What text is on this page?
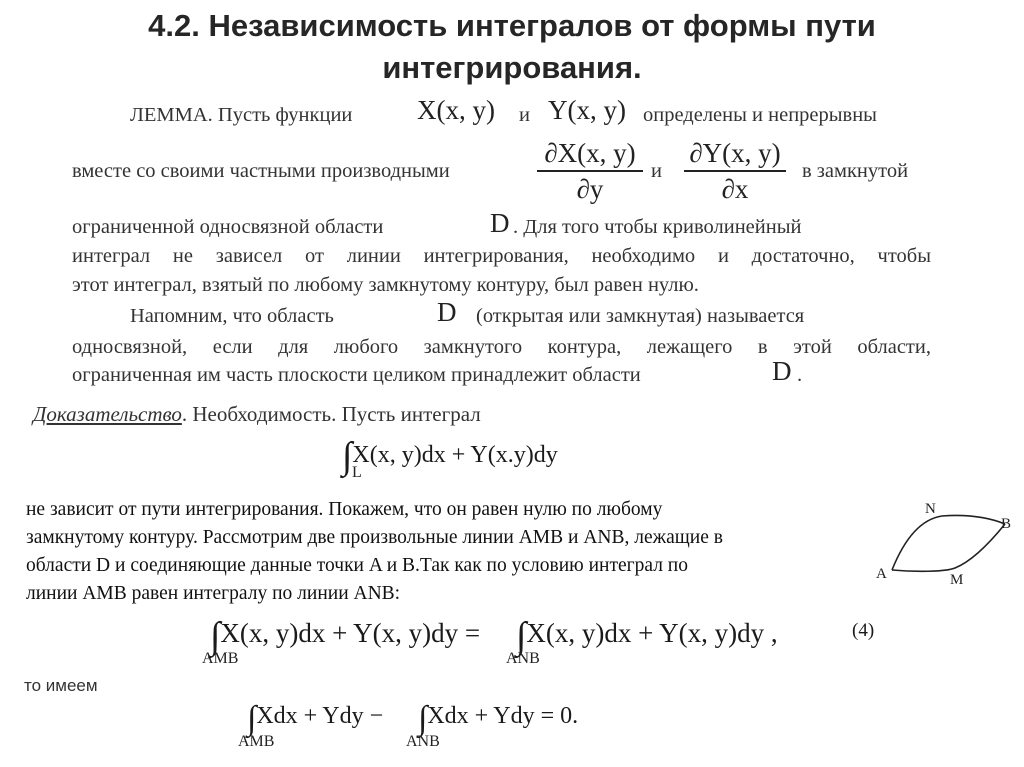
4.2. Независимость интегралов от формы пути
интегрирования.
ЛЕММА. Пусть функции X(x, y) и Y(x, y) определены и непрерывны
вместе со своими частными производными
∂X(x, y)
∂y
и
∂Y(x, y)
∂x
в замкнутой
ограниченной односвязной области	D . Для того чтобы криволинейный
интеграл не зависел от линии интегрирования, необходимо и достаточно, чтобы
этот интеграл, взятый по любому замкнутому контуру, был равен нулю.
Напомним, что область	D (открытая или замкнутая) называется
односвязной, если для любого замкнутого контура, лежащего в этой области,
ограниченная им часть плоскости целиком принадлежит области	D .
Доказательство. Необходимость. Пусть интеграл
∫X(x, y)dx + Y(x.y)dy
L
не зависит от пути интегрирования. Покажем, что он равен нулю по любому
замкнутому контуру. Рассмотрим две произвольные линии AMB и ANB, лежащие в
области D и соединяющие данные точки A и B.Так как по условию интеграл по
линии AMB равен интегралу по линии ANB:
N
B
A	M
∫X(x, y)dx + Y(x, y)dy =
AMB
∫X(x, y)dx + Y(x, y)dy ,
ANB
(4)
то имеем
∫Xdx + Ydy −
AMB
∫Xdx + Ydy = 0.
ANB
